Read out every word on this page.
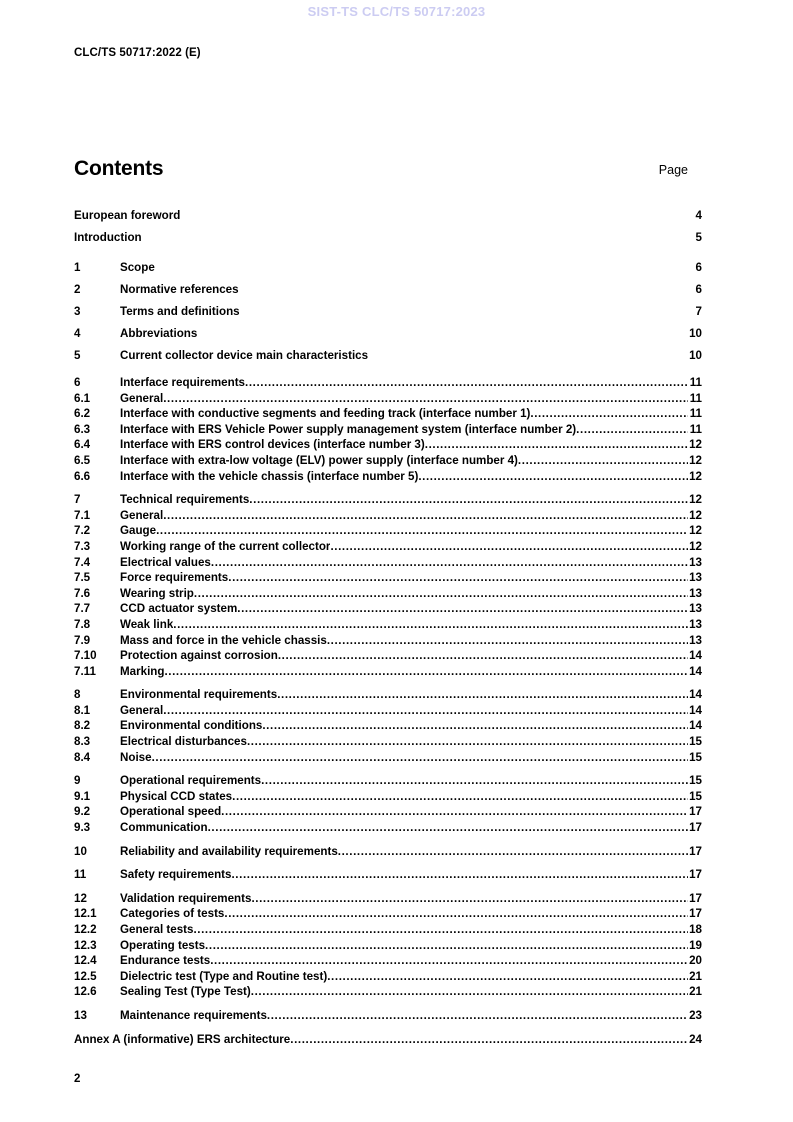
SIST-TS CLC/TS 50717:2023
CLC/TS 50717:2022 (E)
Contents	Page
European foreword .....	4
Introduction .....	5
1	Scope .....	6
2	Normative references .....	6
3	Terms and definitions .....	7
4	Abbreviations .....	10
5	Current collector device main characteristics .....	10
6	Interface requirements .....	11
6.1	General .....	11
6.2	Interface with conductive segments and feeding track (interface number 1) .....	11
6.3	Interface with ERS Vehicle Power supply management system (interface number 2) .....	11
6.4	Interface with ERS control devices (interface number 3) .....	12
6.5	Interface with extra-low voltage (ELV) power supply (interface number 4) .....	12
6.6	Interface with the vehicle chassis (interface number 5) .....	12
7	Technical requirements .....	12
7.1	General .....	12
7.2	Gauge .....	12
7.3	Working range of the current collector .....	12
7.4	Electrical values .....	13
7.5	Force requirements .....	13
7.6	Wearing strip .....	13
7.7	CCD actuator system .....	13
7.8	Weak link .....	13
7.9	Mass and force in the vehicle chassis .....	13
7.10	Protection against corrosion .....	14
7.11	Marking .....	14
8	Environmental requirements .....	14
8.1	General .....	14
8.2	Environmental conditions .....	14
8.3	Electrical disturbances .....	15
8.4	Noise .....	15
9	Operational requirements .....	15
9.1	Physical CCD states .....	15
9.2	Operational speed .....	17
9.3	Communication .....	17
10	Reliability and availability requirements .....	17
11	Safety requirements .....	17
12	Validation requirements .....	17
12.1	Categories of tests .....	17
12.2	General tests .....	18
12.3	Operating tests .....	19
12.4	Endurance tests .....	20
12.5	Dielectric test (Type and Routine test) .....	21
12.6	Sealing Test (Type Test) .....	21
13	Maintenance requirements .....	23
Annex A (informative) ERS architecture .....	24
2
